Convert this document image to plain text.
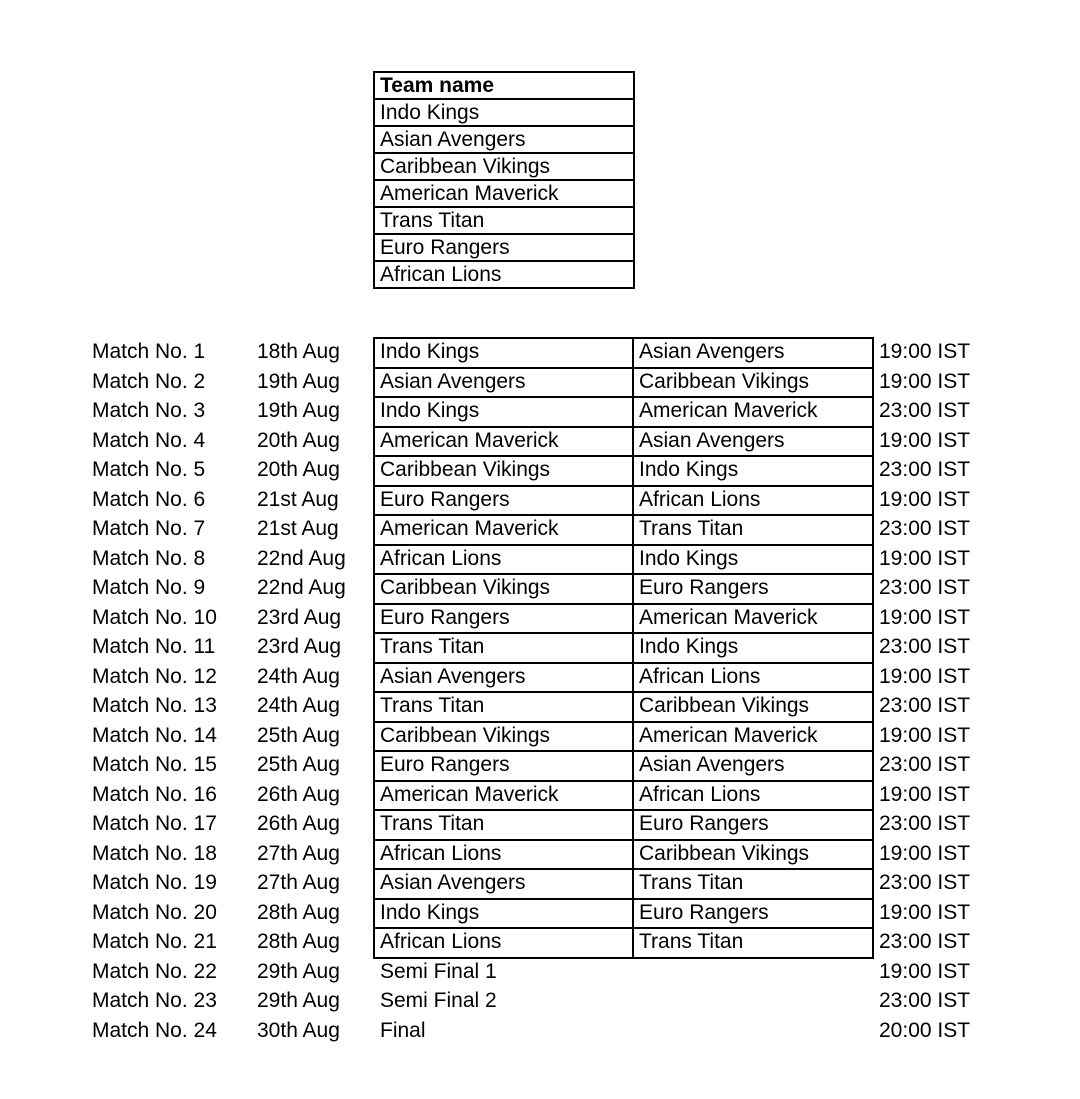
Team name
Indo Kings
Asian Avengers
Caribbean Vikings
American Maverick
Trans Titan
Euro Rangers
African Lions
Match No. 1	18th Aug	Indo Kings	Asian Avengers	19:00 IST
Match No. 2	19th Aug	Asian Avengers	Caribbean Vikings	19:00 IST
Match No. 3	19th Aug	Indo Kings	American Maverick	23:00 IST
Match No. 4	20th Aug	American Maverick	Asian Avengers	19:00 IST
Match No. 5	20th Aug	Caribbean Vikings	Indo Kings	23:00 IST
Match No. 6	21st Aug	Euro Rangers	African Lions	19:00 IST
Match No. 7	21st Aug	American Maverick	Trans Titan	23:00 IST
Match No. 8	22nd Aug	African Lions	Indo Kings	19:00 IST
Match No. 9	22nd Aug	Caribbean Vikings	Euro Rangers	23:00 IST
Match No. 10	23rd Aug	Euro Rangers	American Maverick	19:00 IST
Match No. 11	23rd Aug	Trans Titan	Indo Kings	23:00 IST
Match No. 12	24th Aug	Asian Avengers	African Lions	19:00 IST
Match No. 13	24th Aug	Trans Titan	Caribbean Vikings	23:00 IST
Match No. 14	25th Aug	Caribbean Vikings	American Maverick	19:00 IST
Match No. 15	25th Aug	Euro Rangers	Asian Avengers	23:00 IST
Match No. 16	26th Aug	American Maverick	African Lions	19:00 IST
Match No. 17	26th Aug	Trans Titan	Euro Rangers	23:00 IST
Match No. 18	27th Aug	African Lions	Caribbean Vikings	19:00 IST
Match No. 19	27th Aug	Asian Avengers	Trans Titan	23:00 IST
Match No. 20	28th Aug	Indo Kings	Euro Rangers	19:00 IST
Match No. 21	28th Aug	African Lions	Trans Titan	23:00 IST
Match No. 22	29th Aug	Semi Final 1	19:00 IST
Match No. 23	29th Aug	Semi Final 2	23:00 IST
Match No. 24	30th Aug	Final	20:00 IST
